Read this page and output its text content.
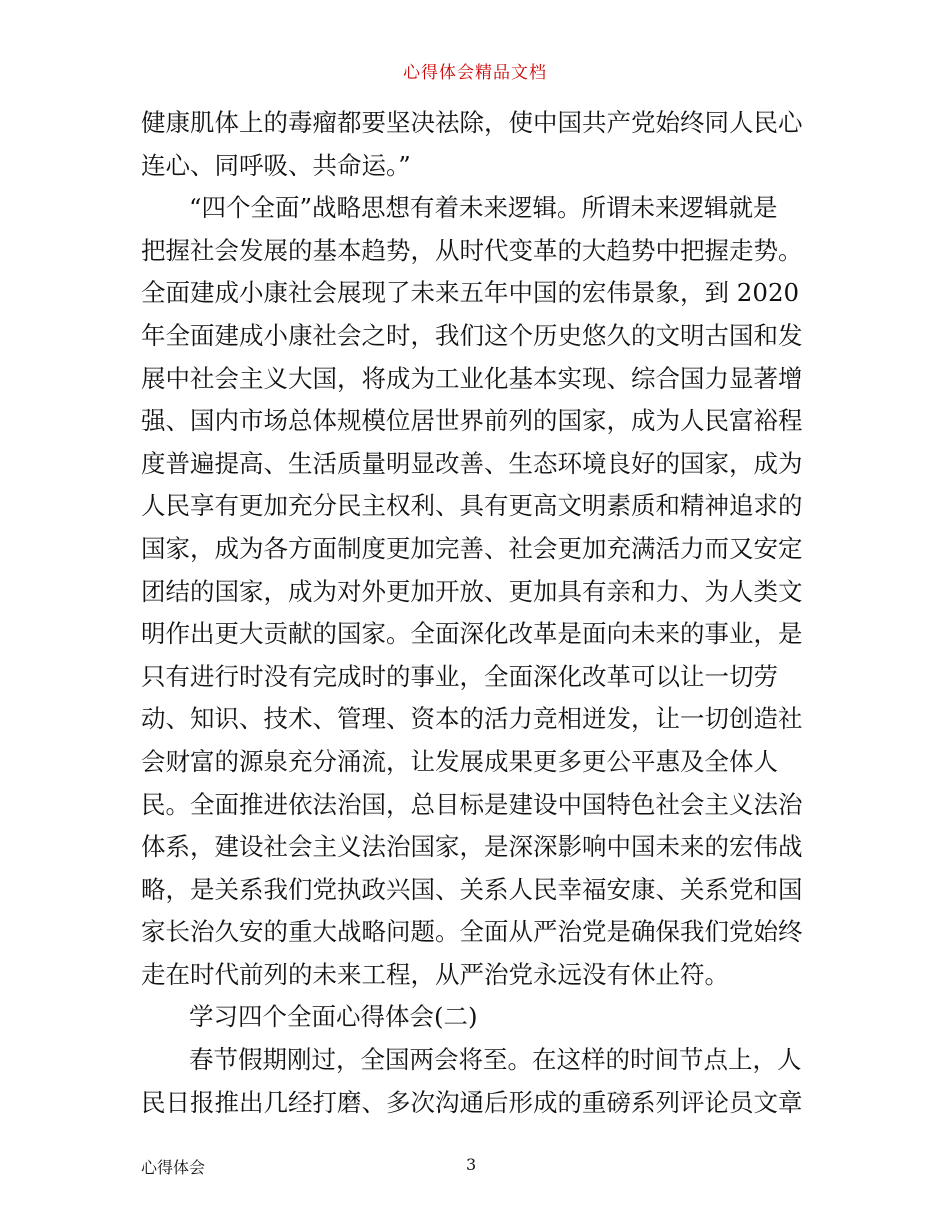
心得体会精品文档
健康肌体上的毒瘤都要坚决祛除，使中国共产党始终同人民心
连心、同呼吸、共命运。”
“四个全面”战略思想有着未来逻辑。所谓未来逻辑就是
把握社会发展的基本趋势，从时代变革的大趋势中把握走势。
全面建成小康社会展现了未来五年中国的宏伟景象，到 2020
年全面建成小康社会之时，我们这个历史悠久的文明古国和发
展中社会主义大国，将成为工业化基本实现、综合国力显著增
强、国内市场总体规模位居世界前列的国家，成为人民富裕程
度普遍提高、生活质量明显改善、生态环境良好的国家，成为
人民享有更加充分民主权利、具有更高文明素质和精神追求的
国家，成为各方面制度更加完善、社会更加充满活力而又安定
团结的国家，成为对外更加开放、更加具有亲和力、为人类文
明作出更大贡献的国家。全面深化改革是面向未来的事业，是
只有进行时没有完成时的事业，全面深化改革可以让一切劳
动、知识、技术、管理、资本的活力竞相迸发，让一切创造社
会财富的源泉充分涌流，让发展成果更多更公平惠及全体人
民。全面推进依法治国，总目标是建设中国特色社会主义法治
体系，建设社会主义法治国家，是深深影响中国未来的宏伟战
略，是关系我们党执政兴国、关系人民幸福安康、关系党和国
家长治久安的重大战略问题。全面从严治党是确保我们党始终
走在时代前列的未来工程，从严治党永远没有休止符。
学习四个全面心得体会(二)
春节假期刚过，全国两会将至。在这样的时间节点上，人
民日报推出几经打磨、多次沟通后形成的重磅系列评论员文章
心得体会	3
